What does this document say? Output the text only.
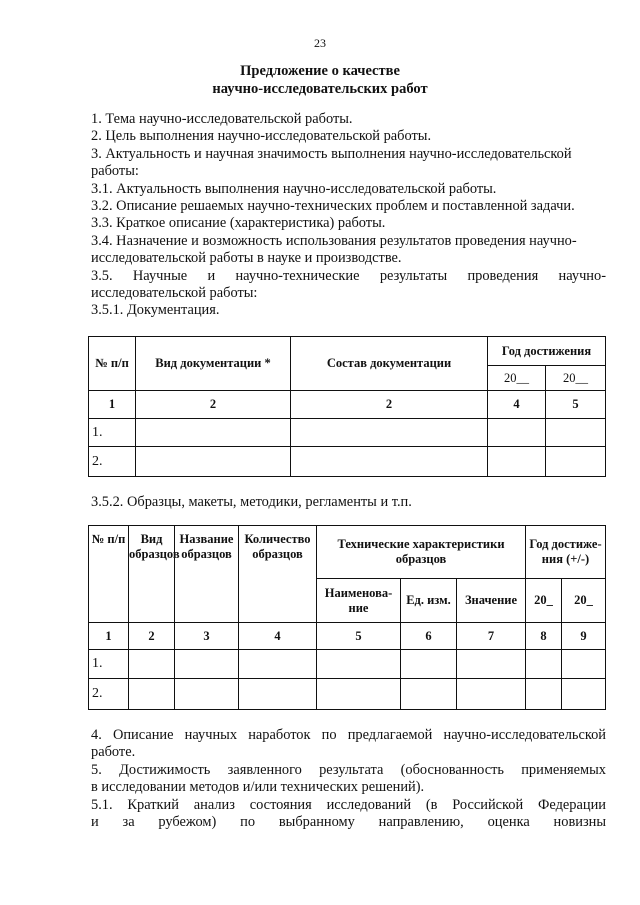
23
Предложение о качестве
научно-исследовательских работ

1. Тема научно-исследовательской работы.

2. Цель выполнения научно-исследовательской работы.

3. Актуальность и научная значимость выполнения научно-исследовательской

работы:

3.1. Актуальность выполнения научно-исследовательской работы.

3.2. Описание решаемых научно-технических проблем и поставленной задачи.

3.3. Краткое описание (характеристика) работы.

3.4. Назначение и возможность использования результатов проведения научно-

исследовательской работы в науке и производстве.

3.5. Научные и научно-технические результаты проведения научно-

исследовательской работы:

3.5.1. Документация.

№ п/п	Вид документации *	Состав документации	Год достижения	
			20__	20__
1	2	2	4	5
1.				
2.				
3.5.2. Образцы, макеты, методики, регламенты и т.п.
№ п/п	Вид образцов	Название образцов	Количество образцов	Технические характеристики образцов			Год достиже-ния (+/-)	
				Наименова-ние	Ед. изм.	Значение	20_	20_
1	2	3	4	5	6	7	8	9
1.								
2.								

4. Описание научных наработок по предлагаемой научно-исследовательской

работе.

5. Достижимость заявленного результата (обоснованность применяемых

в исследовании методов и/или технических решений).

5.1. Краткий анализ состояния исследований (в Российской Федерации

и за рубежом) по выбранному направлению, оценка новизны
